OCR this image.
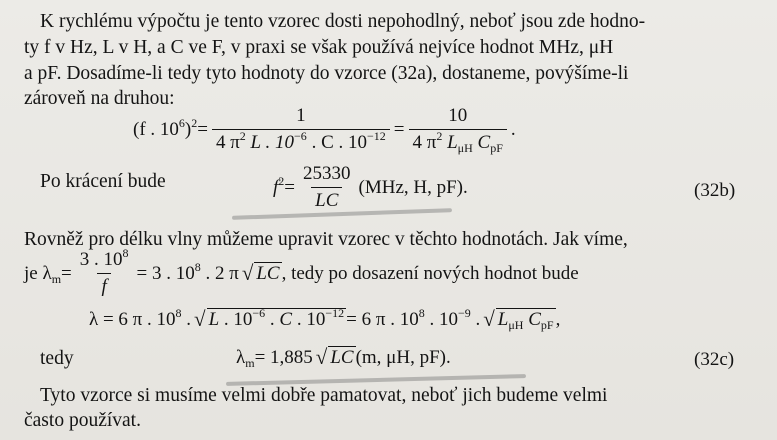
K rychlému výpočtu je tento vzorec dosti nepohodlný, neboť jsou zde hodno-
ty f v Hz, L v H, a C ve F, v praxi se však používá nejvíce hodnot MHz, μH
a pF. Dosadíme-li tedy tyto hodnoty do vzorce (32a), dostaneme, povýšíme-li
zároveň na druhou:
(f . $10^6)^2 = \frac{1}{4 \pi^2 L . 10^{-6} . C . 10^{-12}} = \frac{10}{4 \pi^2 L_{\mu H} C_{pF}}$ .
Po krácení bude	$f^2 = \frac{25330}{LC} (MHz$, H, pF).	(32b)
Rovněž pro délku vlny můžeme upravit vzorec v těchto hodnotách. Jak víme,
je $\lambda_m = \frac{3 . 10^8}{f} = 3$ . $10^8$ . 2 π √ LC , tedy po dosazení nových hodnot bude
λ = 6 π . $10^8$ . √ L . $10^{-6}$ . C . $10^{-12} = 6$ π . $10^8$ . $10^{-9}$ . √ $L_{\mu H}$ $C_{pF}$ ,
tedy	$\lambda_m = 1,885$ √ LC (m, μH, pF).	(32c)
Tyto vzorce si musíme velmi dobře pamatovat, neboť jich budeme velmi
často používat.
